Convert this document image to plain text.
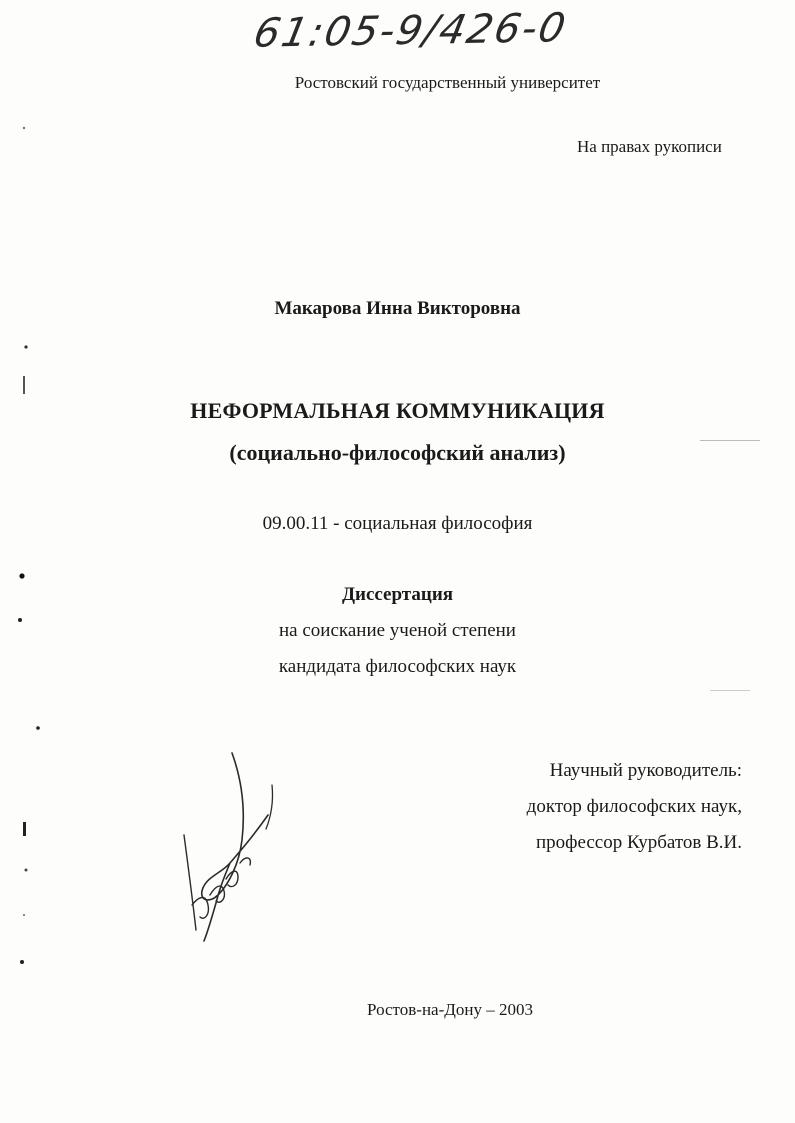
61:05-9/426-0
Ростовский государственный университет
На правах рукописи
Макарова Инна Викторовна
НЕФОРМАЛЬНАЯ КОММУНИКАЦИЯ
(социально-философский анализ)
09.00.11 - социальная философия
Диссертация
на соискание ученой степени
кандидата философских наук
Научный руководитель:
доктор философских наук,
профессор Курбатов В.И.
Ростов-на-Дону – 2003
